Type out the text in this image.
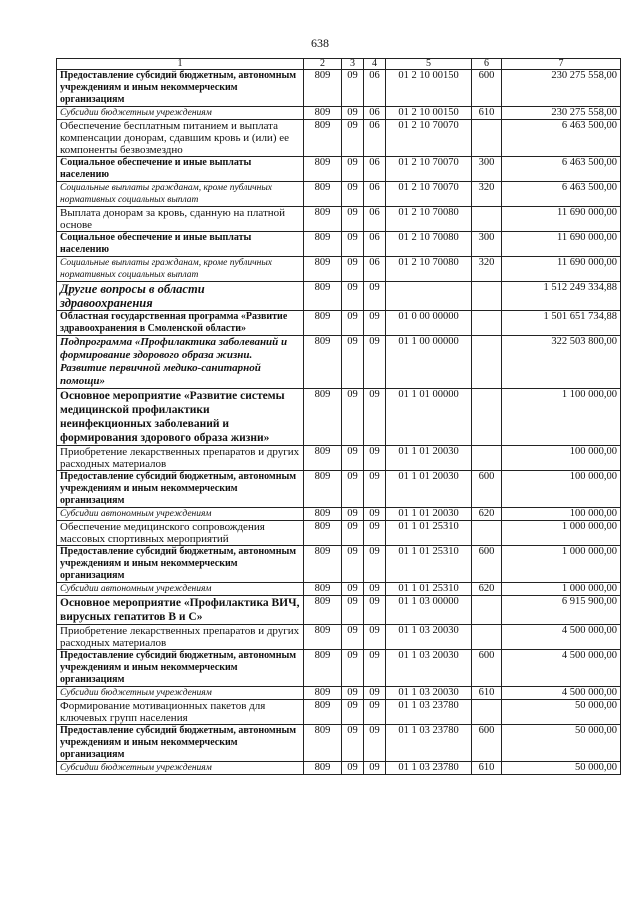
638
1	2	3	4	5	6	7
Предоставление субсидий бюджетным, автономным учреждениям и иным некоммерческим организациям	809	09	06	01 2 10 00150	600	230 275 558,00
Субсидии бюджетным учреждениям	809	09	06	01 2 10 00150	610	230 275 558,00
Обеспечение бесплатным питанием и выплата компенсации донорам, сдавшим кровь и (или) ее компоненты безвозмездно	809	09	06	01 2 10 70070		6 463 500,00
Социальное обеспечение и иные выплаты населению	809	09	06	01 2 10 70070	300	6 463 500,00
Социальные выплаты гражданам, кроме публичных нормативных социальных выплат	809	09	06	01 2 10 70070	320	6 463 500,00
Выплата донорам за кровь, сданную на платной основе	809	09	06	01 2 10 70080		11 690 000,00
Социальное обеспечение и иные выплаты населению	809	09	06	01 2 10 70080	300	11 690 000,00
Социальные выплаты гражданам, кроме публичных нормативных социальных выплат	809	09	06	01 2 10 70080	320	11 690 000,00
Другие вопросы в области здравоохранения	809	09	09			1 512 249 334,88
Областная государственная программа «Развитие здравоохранения в Смоленской области»	809	09	09	01 0 00 00000		1 501 651 734,88
Подпрограмма «Профилактика заболеваний и формирование здорового образа жизни. Развитие первичной медико-санитарной помощи»	809	09	09	01 1 00 00000		322 503 800,00
Основное мероприятие «Развитие системы медицинской профилактики неинфекционных заболеваний и формирования здорового образа жизни»	809	09	09	01 1 01 00000		1 100 000,00
Приобретение лекарственных препаратов и других расходных материалов	809	09	09	01 1 01 20030		100 000,00
Предоставление субсидий бюджетным, автономным учреждениям и иным некоммерческим организациям	809	09	09	01 1 01 20030	600	100 000,00
Субсидии автономным учреждениям	809	09	09	01 1 01 20030	620	100 000,00
Обеспечение медицинского сопровождения массовых спортивных мероприятий	809	09	09	01 1 01 25310		1 000 000,00
Предоставление субсидий бюджетным, автономным учреждениям и иным некоммерческим организациям	809	09	09	01 1 01 25310	600	1 000 000,00
Субсидии автономным учреждениям	809	09	09	01 1 01 25310	620	1 000 000,00
Основное мероприятие «Профилактика ВИЧ, вирусных гепатитов В и С»	809	09	09	01 1 03 00000		6 915 900,00
Приобретение лекарственных препаратов и других расходных материалов	809	09	09	01 1 03 20030		4 500 000,00
Предоставление субсидий бюджетным, автономным учреждениям и иным некоммерческим организациям	809	09	09	01 1 03 20030	600	4 500 000,00
Субсидии бюджетным учреждениям	809	09	09	01 1 03 20030	610	4 500 000,00
Формирование мотивационных пакетов для ключевых групп населения	809	09	09	01 1 03 23780		50 000,00
Предоставление субсидий бюджетным, автономным учреждениям и иным некоммерческим организациям	809	09	09	01 1 03 23780	600	50 000,00
Субсидии бюджетным учреждениям	809	09	09	01 1 03 23780	610	50 000,00
